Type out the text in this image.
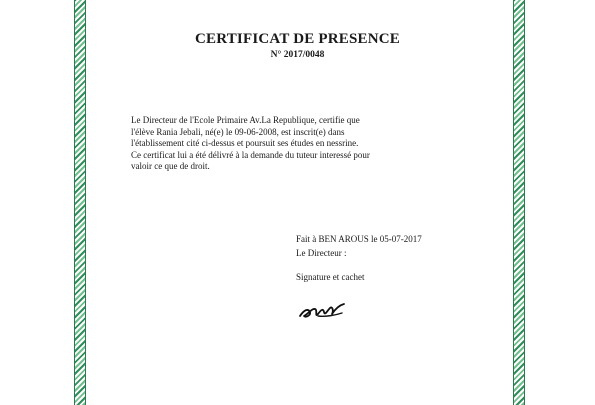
CERTIFICAT DE PRESENCE
N° 2017/0048
Le Directeur de l'Ecole Primaire Av.La Republique, certifie que
l'élève Rania Jebali, né(e) le 09-06-2008, est inscrit(e) dans
l'établissement cité ci-dessus et poursuit ses études en nessrine.
Ce certificat lui a été délivré à la demande du tuteur interessé pour
valoir ce que de droit.
Fait à BEN AROUS le 05-07-2017
Le Directeur :
Signature et cachet
